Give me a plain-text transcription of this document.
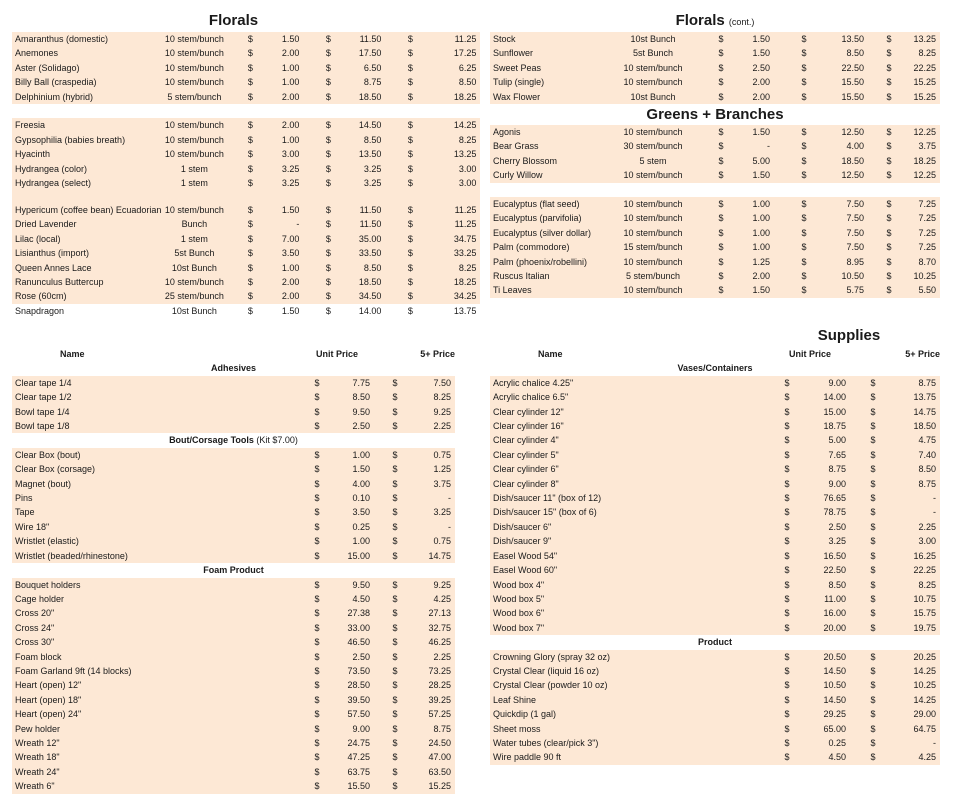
Florals
Amaranthus (domestic)	10 stem/bunch	$	1.50	$	11.50	$	11.25
Anemones	10 stem/bunch	$	2.00	$	17.50	$	17.25
Aster (Solidago)	10 stem/bunch	$	1.00	$	6.50	$	6.25
Billy Ball (craspedia)	10 stem/bunch	$	1.00	$	8.75	$	8.50
Delphinium (hybrid)	5 stem/bunch	$	2.00	$	18.50	$	18.25

Freesia	10 stem/bunch	$	2.00	$	14.50	$	14.25
Gypsophilia (babies breath)	10 stem/bunch	$	1.00	$	8.50	$	8.25
Hyacinth	10 stem/bunch	$	3.00	$	13.50	$	13.25
Hydrangea (color)	1 stem	$	3.25	$	3.25	$	3.00
Hydrangea (select)	1 stem	$	3.25	$	3.25	$	3.00
Hypericum (coffee bean) Ecuadorian	10 stem/bunch	$	1.50	$	11.50	$	11.25
Dried Lavender	Bunch	$	-	$	11.50	$	11.25
Lilac (local)	1 stem	$	7.00	$	35.00	$	34.75
Lisianthus (import)	5st Bunch	$	3.50	$	33.50	$	33.25
Queen Annes Lace	10st Bunch	$	1.00	$	8.50	$	8.25
Ranunculus Buttercup	10 stem/bunch	$	2.00	$	18.50	$	18.25
Rose (60cm)	25 stem/bunch	$	2.00	$	34.50	$	34.25
Snapdragon	10st Bunch	$	1.50	$	14.00	$	13.75
Florals (cont.)
Stock	10st Bunch	$	1.50	$	13.50	$	13.25
Sunflower	5st Bunch	$	1.50	$	8.50	$	8.25
Sweet Peas	10 stem/bunch	$	2.50	$	22.50	$	22.25
Tulip (single)	10 stem/bunch	$	2.00	$	15.50	$	15.25
Wax Flower	10st Bunch	$	2.00	$	15.50	$	15.25
Greens + Branches
Agonis	10 stem/bunch	$	1.50	$	12.50	$	12.25
Bear Grass	30 stem/bunch	$	-	$	4.00	$	3.75
Cherry Blossom	5 stem	$	5.00	$	18.50	$	18.25
Curly Willow	10 stem/bunch	$	1.50	$	12.50	$	12.25

Eucalyptus (flat seed)	10 stem/bunch	$	1.00	$	7.50	$	7.25
Eucalyptus (parvifolia)	10 stem/bunch	$	1.00	$	7.50	$	7.25
Eucalyptus (silver dollar)	10 stem/bunch	$	1.00	$	7.50	$	7.25
Palm (commodore)	15 stem/bunch	$	1.00	$	7.50	$	7.25
Palm (phoenix/robellini)	10 stem/bunch	$	1.25	$	8.95	$	8.70
Ruscus Italian	5 stem/bunch	$	2.00	$	10.50	$	10.25
Ti Leaves	10 stem/bunch	$	1.50	$	5.75	$	5.50
Supplies
Name	Unit Price		5+ Price	
Adhesives				
Clear tape 1/4	$	7.75	$	7.50
Clear tape 1/2	$	8.50	$	8.25
Bowl tape 1/4	$	9.50	$	9.25
Bowl tape 1/8	$	2.50	$	2.25
Bout/Corsage Tools (Kit $7.00)				
Clear Box (bout)	$	1.00	$	0.75
Clear Box (corsage)	$	1.50	$	1.25
Magnet (bout)	$	4.00	$	3.75
Pins	$	0.10	$	-
Tape	$	3.50	$	3.25
Wire 18"	$	0.25	$	-
Wristlet (elastic)	$	1.00	$	0.75
Wristlet (beaded/rhinestone)	$	15.00	$	14.75
Foam Product				
Bouquet holders	$	9.50	$	9.25
Cage holder	$	4.50	$	4.25
Cross 20"	$	27.38	$	27.13
Cross 24"	$	33.00	$	32.75
Cross 30"	$	46.50	$	46.25
Foam block	$	2.50	$	2.25
Foam Garland 9ft (14 blocks)	$	73.50	$	73.25
Heart (open) 12"	$	28.50	$	28.25
Heart (open) 18"	$	39.50	$	39.25
Heart (open) 24"	$	57.50	$	57.25
Pew holder	$	9.00	$	8.75
Wreath 12"	$	24.75	$	24.50
Wreath 18"	$	47.25	$	47.00
Wreath 24"	$	63.75	$	63.50
Wreath 6"	$	15.50	$	15.25
Name	Unit Price		5+ Price	
Vases/Containers				
Acrylic chalice 4.25"	$	9.00	$	8.75
Acrylic chalice 6.5"	$	14.00	$	13.75
Clear cylinder 12"	$	15.00	$	14.75
Clear cylinder 16"	$	18.75	$	18.50
Clear cylinder 4"	$	5.00	$	4.75
Clear cylinder 5"	$	7.65	$	7.40
Clear cylinder 6"	$	8.75	$	8.50
Clear cylinder 8"	$	9.00	$	8.75
Dish/saucer 11" (box of 12)	$	76.65	$	-
Dish/saucer 15" (box of 6)	$	78.75	$	-
Dish/saucer 6"	$	2.50	$	2.25
Dish/saucer 9"	$	3.25	$	3.00
Easel Wood 54"	$	16.50	$	16.25
Easel Wood 60"	$	22.50	$	22.25
Wood box 4"	$	8.50	$	8.25
Wood box 5"	$	11.00	$	10.75
Wood box 6"	$	16.00	$	15.75
Wood box 7"	$	20.00	$	19.75
Product				
Crowning Glory (spray 32 oz)	$	20.50	$	20.25
Crystal Clear (liquid 16 oz)	$	14.50	$	14.25
Crystal Clear (powder 10 oz)	$	10.50	$	10.25
Leaf Shine	$	14.50	$	14.25
Quickdip (1 gal)	$	29.25	$	29.00
Sheet moss	$	65.00	$	64.75
Water tubes (clear/pick 3")	$	0.25	$	-
Wire paddle 90 ft	$	4.50	$	4.25
